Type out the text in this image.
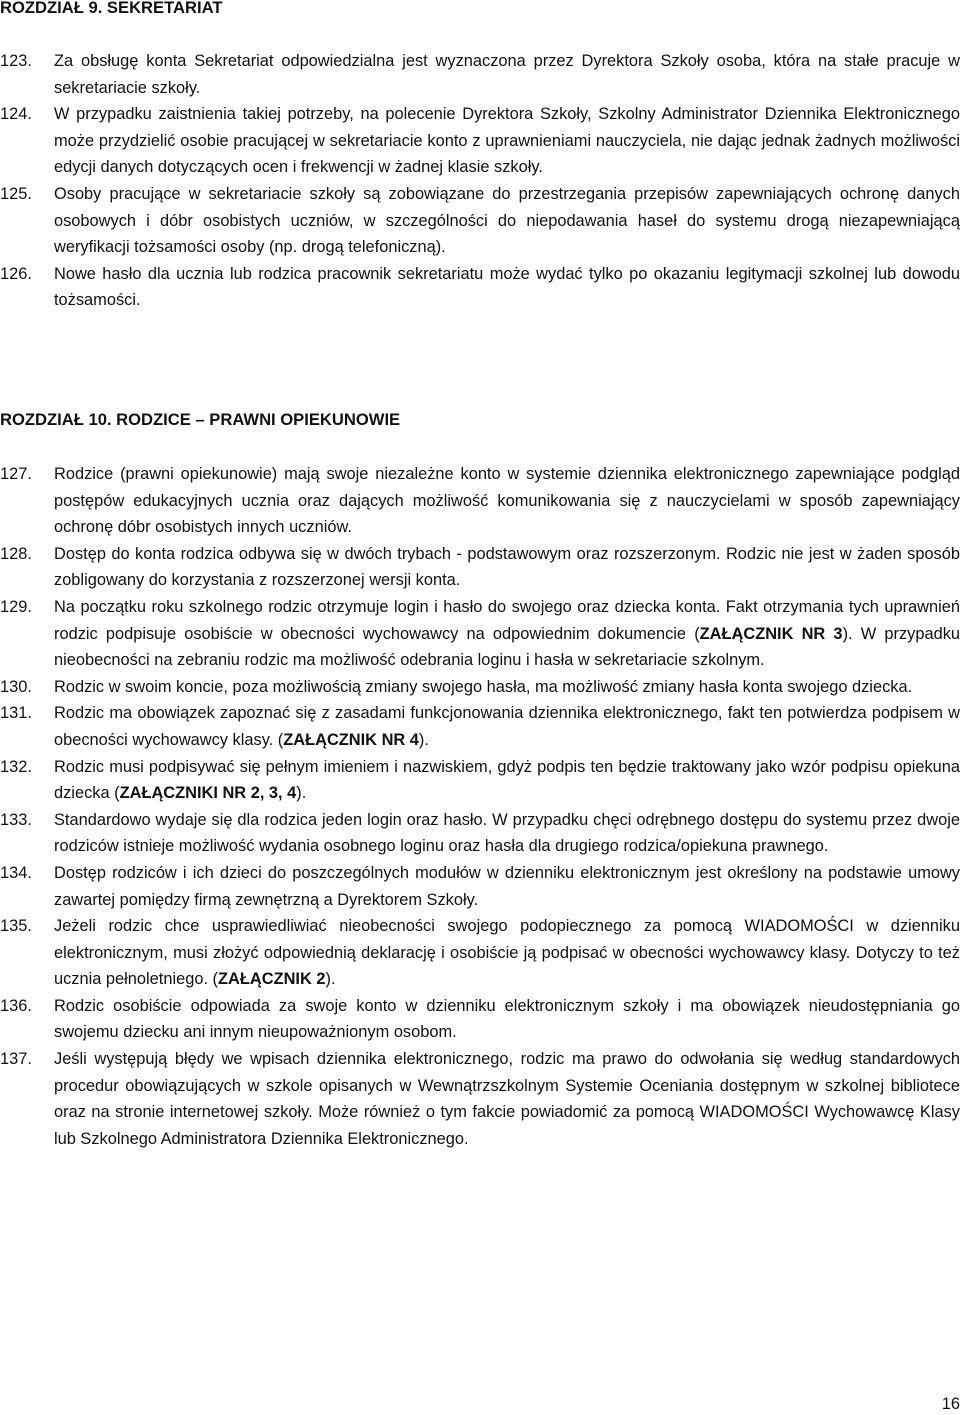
ROZDZIAŁ 9. SEKRETARIAT
123. Za obsługę konta Sekretariat odpowiedzialna jest wyznaczona przez Dyrektora Szkoły osoba, która na stałe pracuje w sekretariacie szkoły.
124. W przypadku zaistnienia takiej potrzeby, na polecenie Dyrektora Szkoły, Szkolny Administrator Dziennika Elektronicznego może przydzielić osobie pracującej w sekretariacie konto z uprawnieniami nauczyciela, nie dając jednak żadnych możliwości edycji danych dotyczących ocen i frekwencji w żadnej klasie szkoły.
125. Osoby pracujące w sekretariacie szkoły są zobowiązane do przestrzegania przepisów zapewniających ochronę danych osobowych i dóbr osobistych uczniów, w szczególności do niepodawania haseł do systemu drogą niezapewniającą weryfikacji tożsamości osoby (np. drogą telefoniczną).
126. Nowe hasło dla ucznia lub rodzica pracownik sekretariatu może wydać tylko po okazaniu legitymacji szkolnej lub dowodu tożsamości.
ROZDZIAŁ 10. RODZICE – PRAWNI OPIEKUNOWIE
127. Rodzice (prawni opiekunowie) mają swoje niezależne konto w systemie dziennika elektronicznego zapewniające podgląd postępów edukacyjnych ucznia oraz dających możliwość komunikowania się z nauczycielami w sposób zapewniający ochronę dóbr osobistych innych uczniów.
128. Dostęp do konta rodzica odbywa się w dwóch trybach - podstawowym oraz rozszerzonym. Rodzic nie jest w żaden sposób zobligowany do korzystania z rozszerzonej wersji konta.
129. Na początku roku szkolnego rodzic otrzymuje login i hasło do swojego oraz dziecka konta. Fakt otrzymania tych uprawnień rodzic podpisuje osobiście w obecności wychowawcy na odpowiednim dokumencie (ZAŁĄCZNIK NR 3). W przypadku nieobecności na zebraniu rodzic ma możliwość odebrania loginu i hasła w sekretariacie szkolnym.
130. Rodzic w swoim koncie, poza możliwością zmiany swojego hasła, ma możliwość zmiany hasła konta swojego dziecka.
131. Rodzic ma obowiązek zapoznać się z zasadami funkcjonowania dziennika elektronicznego, fakt ten potwierdza podpisem w obecności wychowawcy klasy. (ZAŁĄCZNIK NR 4).
132. Rodzic musi podpisywać się pełnym imieniem i nazwiskiem, gdyż podpis ten będzie traktowany jako wzór podpisu opiekuna dziecka (ZAŁĄCZNIKI NR 2, 3, 4).
133. Standardowo wydaje się dla rodzica jeden login oraz hasło. W przypadku chęci odrębnego dostępu do systemu przez dwoje rodziców istnieje możliwość wydania osobnego loginu oraz hasła dla drugiego rodzica/opiekuna prawnego.
134. Dostęp rodziców i ich dzieci do poszczególnych modułów w dzienniku elektronicznym jest określony na podstawie umowy zawartej pomiędzy firmą zewnętrzną a Dyrektorem Szkoły.
135. Jeżeli rodzic chce usprawiedliwiać nieobecności swojego podopiecznego za pomocą WIADOMOŚCI w dzienniku elektronicznym, musi złożyć odpowiednią deklarację i osobiście ją podpisać w obecności wychowawcy klasy. Dotyczy to też ucznia pełnoletniego. (ZAŁĄCZNIK 2).
136. Rodzic osobiście odpowiada za swoje konto w dzienniku elektronicznym szkoły i ma obowiązek nieudostępniania go swojemu dziecku ani innym nieupoważnionym osobom.
137. Jeśli występują błędy we wpisach dziennika elektronicznego, rodzic ma prawo do odwołania się według standardowych procedur obowiązujących w szkole opisanych w Wewnątrzszkolnym Systemie Oceniania dostępnym w szkolnej bibliotece oraz na stronie internetowej szkoły. Może również o tym fakcie powiadomić za pomocą WIADOMOŚCI Wychowawcę Klasy lub Szkolnego Administratora Dziennika Elektronicznego.
16
